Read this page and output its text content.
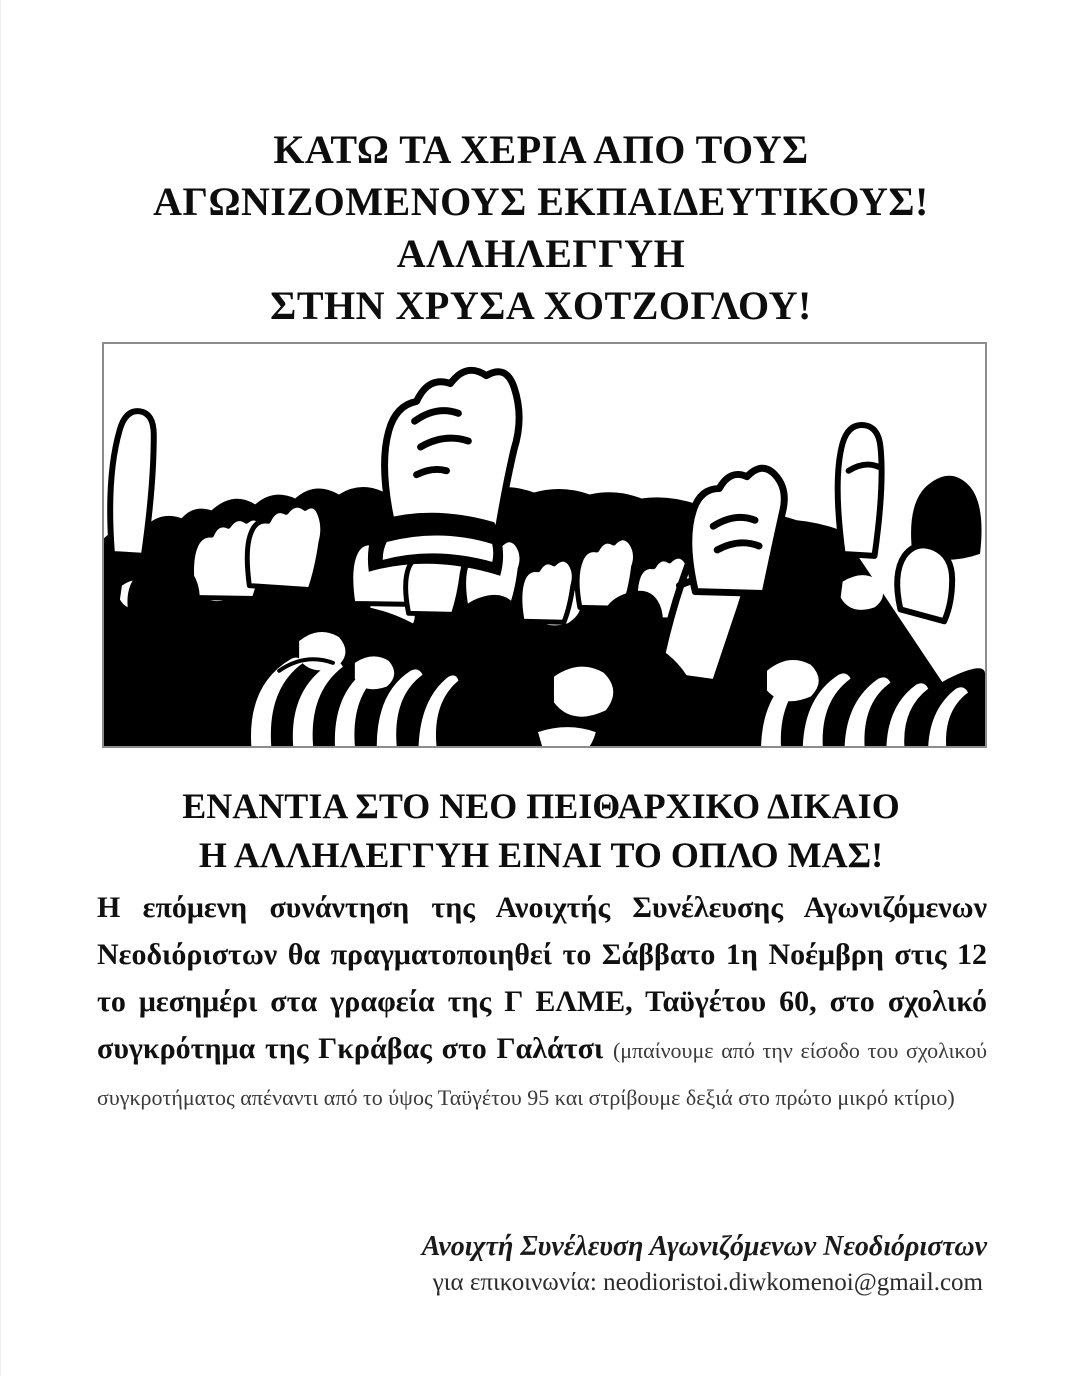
ΚΑΤΩ ΤΑ ΧΕΡΙΑ ΑΠΟ ΤΟΥΣ
ΑΓΩΝΙΖΟΜΕΝΟΥΣ ΕΚΠΑΙΔΕΥΤΙΚΟΥΣ!
ΑΛΛΗΛΕΓΓΥΗ
ΣΤΗΝ ΧΡΥΣΑ ΧΟΤΖΟΓΛΟΥ!
ΕΝΑΝΤΙΑ ΣΤΟ ΝΕΟ ΠΕΙΘΑΡΧΙΚΟ ΔΙΚΑΙΟ
Η ΑΛΛΗΛΕΓΓΥΗ ΕΙΝΑΙ ΤΟ ΟΠΛΟ ΜΑΣ!

Η επόμενη συνάντηση της Ανοιχτής Συνέλευσης Αγωνιζόμενων Νεοδιόριστων θα πραγματοποιηθεί το Σάββατο 1η Νοέμβρη στις 12 το μεσημέρι στα γραφεία της Γ ΕΛΜΕ, Ταϋγέτου 60, στο σχολικό συγκρότημα της Γκράβας στο Γαλάτσι (μπαίνουμε από την είσοδο του σχολικού συγκροτήματος απέναντι από το ύψος Ταϋγέτου 95 και στρίβουμε δεξιά στο πρώτο μικρό κτίριο)

Ανοιχτή Συνέλευση Αγωνιζόμενων Νεοδιόριστων
για επικοινωνία: neodioristoi.diwkomenoi@gmail.com
